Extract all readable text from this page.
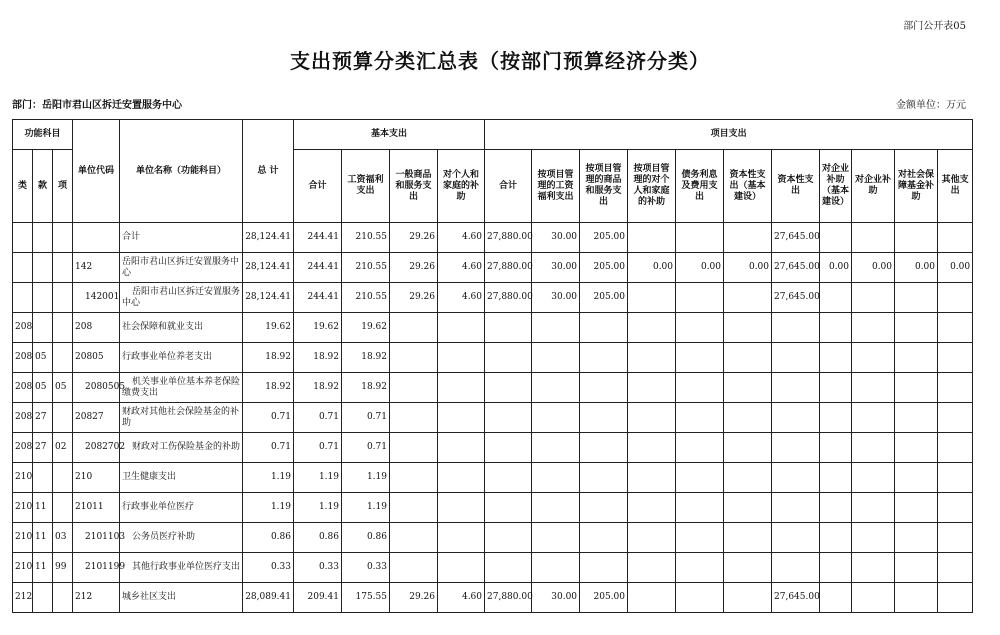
部门公开表05
支出预算分类汇总表（按部门预算经济分类）
部门：岳阳市君山区拆迁安置服务中心	金额单位：万元
功能科目			单位代码	单位名称（功能科目）	总 计	基本支出				项目支出										
类	款	项				合计	工资福利支出	一般商品和服务支出	对个人和家庭的补助	合计	按项目管理的工资福利支出	按项目管理的商品和服务支出	按项目管理的对个人和家庭的补助	债务利息及费用支出	资本性支出（基本建设）	资本性支出	对企业补助（基本建设）	对企业补助	对社会保障基金补助	其他支出
				合计	28,124.41	244.41	210.55	29.26	4.60	27,880.00	30.00	205.00				27,645.00				
			142	岳阳市君山区拆迁安置服务中心	28,124.41	244.41	210.55	29.26	4.60	27,880.00	30.00	205.00	0.00	0.00	0.00	27,645.00	0.00	0.00	0.00	0.00
			142001	岳阳市君山区拆迁安置服务中心	28,124.41	244.41	210.55	29.26	4.60	27,880.00	30.00	205.00				27,645.00				
208			208	社会保障和就业支出	19.62	19.62	19.62													
208	05		20805	行政事业单位养老支出	18.92	18.92	18.92													
208	05	05	2080505	机关事业单位基本养老保险缴费支出	18.92	18.92	18.92													
208	27		20827	财政对其他社会保险基金的补助	0.71	0.71	0.71													
208	27	02	2082702	财政对工伤保险基金的补助	0.71	0.71	0.71													
210			210	卫生健康支出	1.19	1.19	1.19													
210	11		21011	行政事业单位医疗	1.19	1.19	1.19													
210	11	03	2101103	公务员医疗补助	0.86	0.86	0.86													
210	11	99	2101199	其他行政事业单位医疗支出	0.33	0.33	0.33													
212			212	城乡社区支出	28,089.41	209.41	175.55	29.26	4.60	27,880.00	30.00	205.00				27,645.00				
